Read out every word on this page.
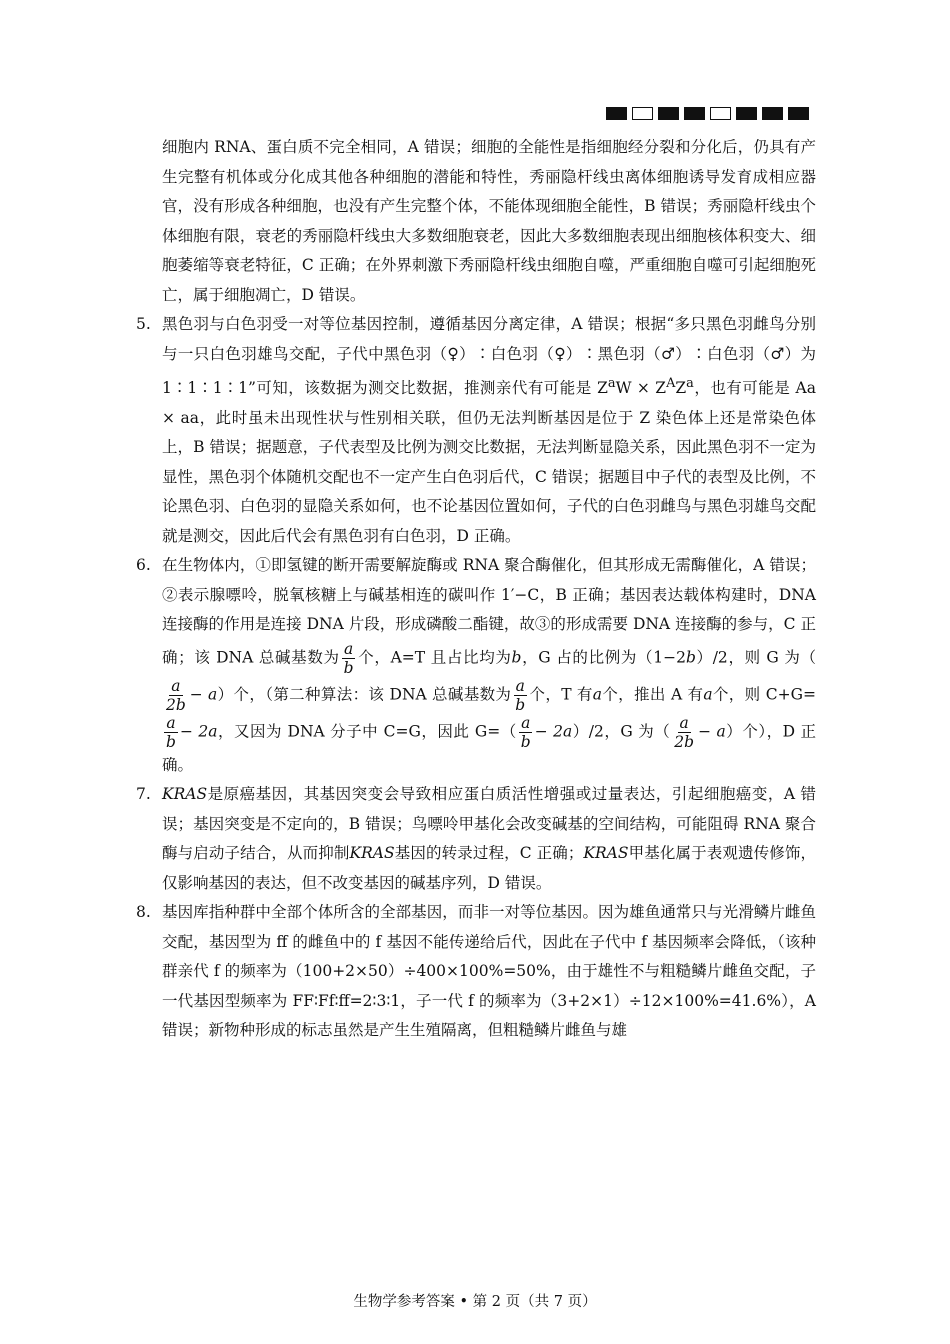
细胞内 RNA、蛋白质不完全相同，A 错误；细胞的全能性是指细胞经分裂和分化后，仍具有产生完整有机体或分化成其他各种细胞的潜能和特性，秀丽隐杆线虫离体细胞诱导发育成相应器官，没有形成各种细胞，也没有产生完整个体，不能体现细胞全能性，B 错误；秀丽隐杆线虫个体细胞有限，衰老的秀丽隐杆线虫大多数细胞衰老，因此大多数细胞表现出细胞核体积变大、细胞萎缩等衰老特征，C 正确；在外界刺激下秀丽隐杆线虫细胞自噬，严重细胞自噬可引起细胞死亡，属于细胞凋亡，D 错误。

5. 黑色羽与白色羽受一对等位基因控制，遵循基因分离定律，A 错误；根据“多只黑色羽雌鸟分别与一只白色羽雄鸟交配，子代中黑色羽（♀）∶白色羽（♀）∶黑色羽（♂）∶白色羽（♂）为 1∶1∶1∶1”可知，该数据为测交比数据，推测亲代有可能是 $Z^aW \times Z^AZ^a$，也有可能是 Aa × aa，此时虽未出现性状与性别相关联，但仍无法判断基因是位于 Z 染色体上还是常染色体上，B 错误；据题意，子代表型及比例为测交比数据，无法判断显隐关系，因此黑色羽不一定为显性，黑色羽个体随机交配也不一定产生白色羽后代，C 错误；据题目中子代的表型及比例，不论黑色羽、白色羽的显隐关系如何，也不论基因位置如何，子代的白色羽雌鸟与黑色羽雄鸟交配就是测交，因此后代会有黑色羽有白色羽，D 正确。
6. 在生物体内，①即氢键的断开需要解旋酶或 RNA 聚合酶催化，但其形成无需酶催化，A 错误；②表示腺嘌呤，脱氧核糖上与碱基相连的碳叫作 1′−C，B 正确；基因表达载体构建时，DNA 连接酶的作用是连接 DNA 片段，形成磷酸二酯键，故③的形成需要 DNA 连接酶的参与，C 正确；该 DNA 总碱基数为 $\frac{a}{b}$ 个，A=T 且占比均为b，G 占的比例为（1−2b）/2，则 G 为（
$\frac{a}{2b} - a$）个，（第二种算法：该 DNA 总碱基数为 $\frac{a}{b}$ 个，T 有a个，推出 A 有a个，则 C+G=
$\frac{a}{b} - 2a$，又因为 DNA 分子中 C=G，因此 $G=( \frac{a}{b} - 2a)/2$，G 为（ $\frac{a}{2b} - a$）个），D 正确。
7. KRAS是原癌基因，其基因突变会导致相应蛋白质活性增强或过量表达，引起细胞癌变，A 错误；基因突变是不定向的，B 错误；鸟嘌呤甲基化会改变碱基的空间结构，可能阻碍 RNA 聚合酶与启动子结合，从而抑制KRAS基因的转录过程，C 正确；KRAS甲基化属于表观遗传修饰，仅影响基因的表达，但不改变基因的碱基序列，D 错误。
8. 基因库指种群中全部个体所含的全部基因，而非一对等位基因。因为雄鱼通常只与光滑鳞片雌鱼交配，基因型为 ff 的雌鱼中的 f 基因不能传递给后代，因此在子代中 f 基因频率会降低，（该种群亲代 f 的频率为（100+2×50）÷400×100%=50%，由于雄性不与粗糙鳞片雌鱼交配，子一代基因型频率为 FF∶Ff∶ff=2∶3∶1，子一代 f 的频率为（3+2×1）÷12×100%=41.6%），A 错误；新物种形成的标志虽然是产生生殖隔离，但粗糙鳞片雌鱼与雄
生物学参考答案 • 第 2 页（共 7 页）
